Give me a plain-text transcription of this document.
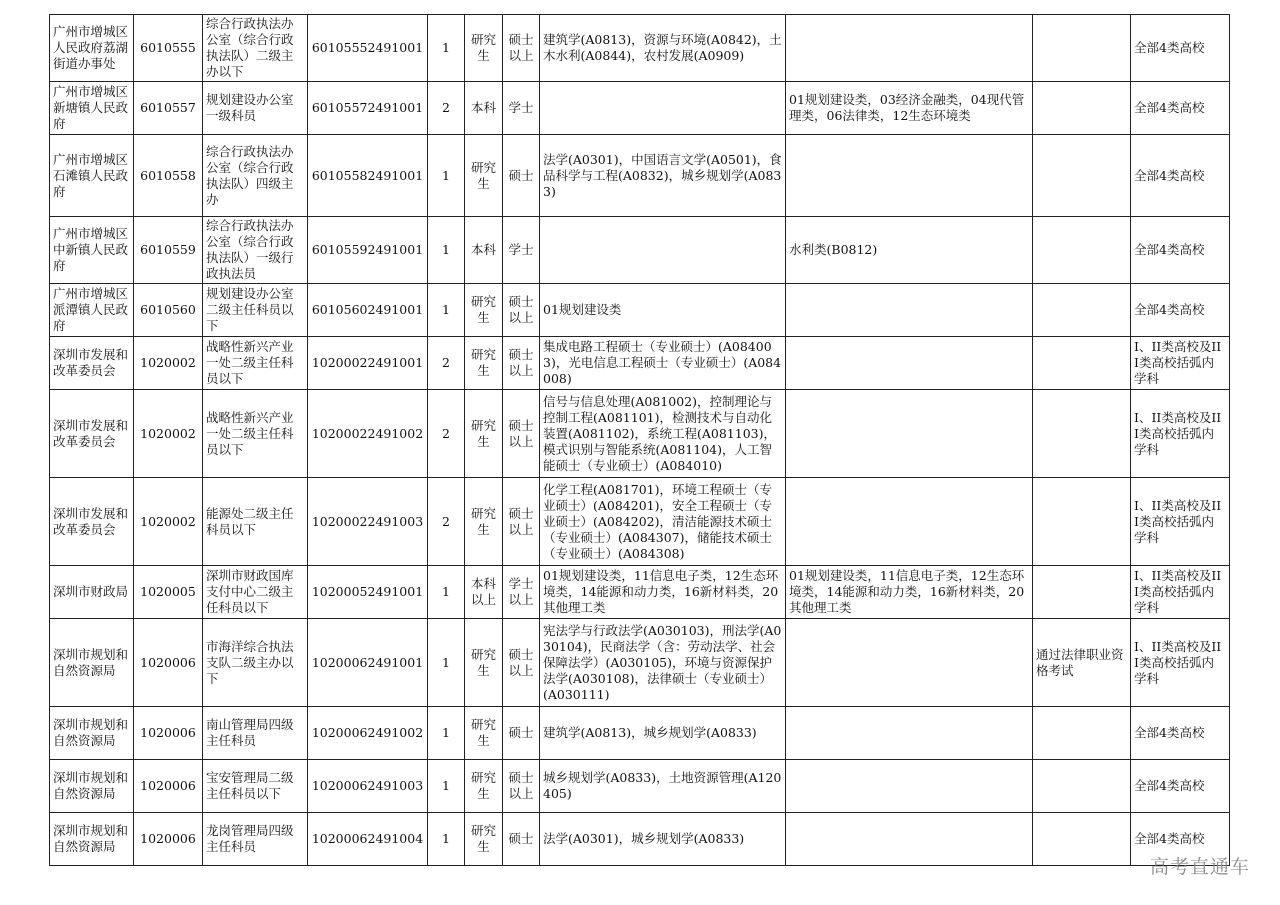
广州市增城区人民政府荔湖街道办事处	6010555	综合行政执法办公室（综合行政执法队）二级主办以下	60105552491001	1	研究生	硕士以上	建筑学(A0813)，资源与环境(A0842)，土木水利(A0844)，农村发展(A0909)			全部4类高校
广州市增城区新塘镇人民政府	6010557	规划建设办公室一级科员	60105572491001	2	本科	学士		01规划建设类，03经济金融类，04现代管理类，06法律类，12生态环境类		全部4类高校
广州市增城区石滩镇人民政府	6010558	综合行政执法办公室（综合行政执法队）四级主办	60105582491001	1	研究生	硕士	法学(A0301)，中国语言文学(A0501)，食品科学与工程(A0832)，城乡规划学(A0833)			全部4类高校
广州市增城区中新镇人民政府	6010559	综合行政执法办公室（综合行政执法队）一级行政执法员	60105592491001	1	本科	学士		水利类(B0812)		全部4类高校
广州市增城区派潭镇人民政府	6010560	规划建设办公室二级主任科员以下	60105602491001	1	研究生	硕士以上	01规划建设类			全部4类高校
深圳市发展和改革委员会	1020002	战略性新兴产业一处二级主任科员以下	10200022491001	2	研究生	硕士以上	集成电路工程硕士（专业硕士）(A084003)，光电信息工程硕士（专业硕士）(A084008)			I、II类高校及III类高校括弧内学科
深圳市发展和改革委员会	1020002	战略性新兴产业一处二级主任科员以下	10200022491002	2	研究生	硕士以上	信号与信息处理(A081002)，控制理论与控制工程(A081101)，检测技术与自动化装置(A081102)，系统工程(A081103)，模式识别与智能系统(A081104)，人工智能硕士（专业硕士）(A084010)			I、II类高校及III类高校括弧内学科
深圳市发展和改革委员会	1020002	能源处二级主任科员以下	10200022491003	2	研究生	硕士以上	化学工程(A081701)，环境工程硕士（专业硕士）(A084201)，安全工程硕士（专业硕士）(A084202)，清洁能源技术硕士（专业硕士）(A084307)，储能技术硕士（专业硕士）(A084308)			I、II类高校及III类高校括弧内学科
深圳市财政局	1020005	深圳市财政国库支付中心二级主任科员以下	10200052491001	1	本科以上	学士以上	01规划建设类，11信息电子类，12生态环境类，14能源和动力类，16新材料类，20其他理工类	01规划建设类，11信息电子类，12生态环境类，14能源和动力类，16新材料类，20其他理工类		I、II类高校及III类高校括弧内学科
深圳市规划和自然资源局	1020006	市海洋综合执法支队二级主办以下	10200062491001	1	研究生	硕士以上	宪法学与行政法学(A030103)，刑法学(A030104)，民商法学（含：劳动法学、社会保障法学）(A030105)，环境与资源保护法学(A030108)，法律硕士（专业硕士）(A030111)		通过法律职业资格考试	I、II类高校及III类高校括弧内学科
深圳市规划和自然资源局	1020006	南山管理局四级主任科员	10200062491002	1	研究生	硕士	建筑学(A0813)，城乡规划学(A0833)			全部4类高校
深圳市规划和自然资源局	1020006	宝安管理局二级主任科员以下	10200062491003	1	研究生	硕士以上	城乡规划学(A0833)，土地资源管理(A120405)			全部4类高校
深圳市规划和自然资源局	1020006	龙岗管理局四级主任科员	10200062491004	1	研究生	硕士	法学(A0301)，城乡规划学(A0833)			全部4类高校
高考直通车
